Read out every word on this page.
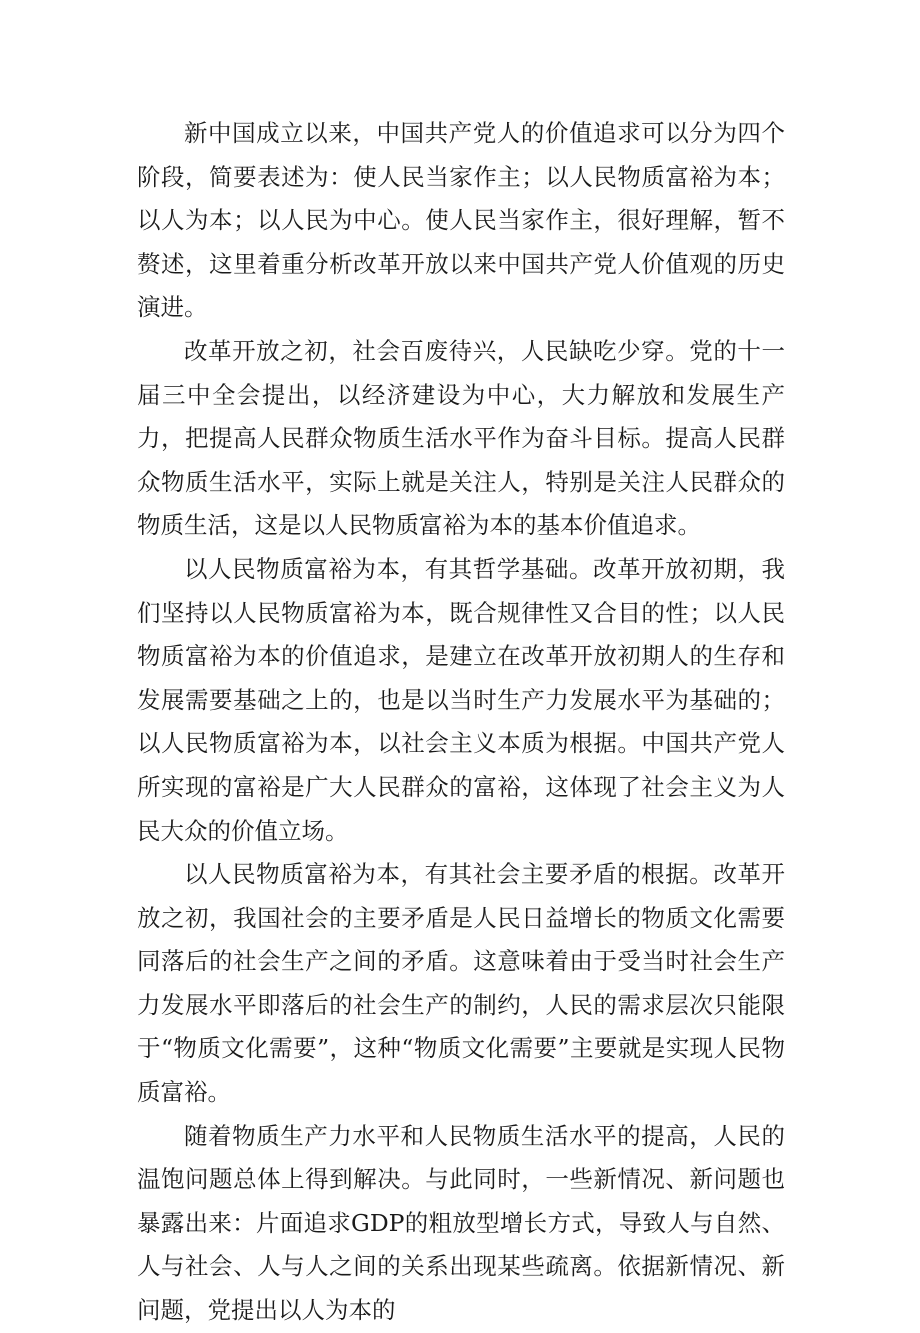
新中国成立以来，中国共产党人的价值追求可以分为四个阶段，简要表述为：使人民当家作主；以人民物质富裕为本；以人为本；以人民为中心。使人民当家作主，很好理解，暂不赘述，这里着重分析改革开放以来中国共产党人价值观的历史演进。

改革开放之初，社会百废待兴，人民缺吃少穿。党的十一届三中全会提出，以经济建设为中心，大力解放和发展生产力，把提高人民群众物质生活水平作为奋斗目标。提高人民群众物质生活水平，实际上就是关注人，特别是关注人民群众的物质生活，这是以人民物质富裕为本的基本价值追求。

以人民物质富裕为本，有其哲学基础。改革开放初期，我们坚持以人民物质富裕为本，既合规律性又合目的性；以人民物质富裕为本的价值追求，是建立在改革开放初期人的生存和发展需要基础之上的，也是以当时生产力发展水平为基础的；以人民物质富裕为本，以社会主义本质为根据。中国共产党人所实现的富裕是广大人民群众的富裕，这体现了社会主义为人民大众的价值立场。

以人民物质富裕为本，有其社会主要矛盾的根据。改革开放之初，我国社会的主要矛盾是人民日益增长的物质文化需要同落后的社会生产之间的矛盾。这意味着由于受当时社会生产力发展水平即落后的社会生产的制约，人民的需求层次只能限于“物质文化需要”，这种“物质文化需要”主要就是实现人民物质富裕。

随着物质生产力水平和人民物质生活水平的提高，人民的温饱问题总体上得到解决。与此同时，一些新情况、新问题也暴露出来：片面追求GDP的粗放型增长方式，导致人与自然、人与社会、人与人之间的关系出现某些疏离。依据新情况、新问题，党提出以人为本的
